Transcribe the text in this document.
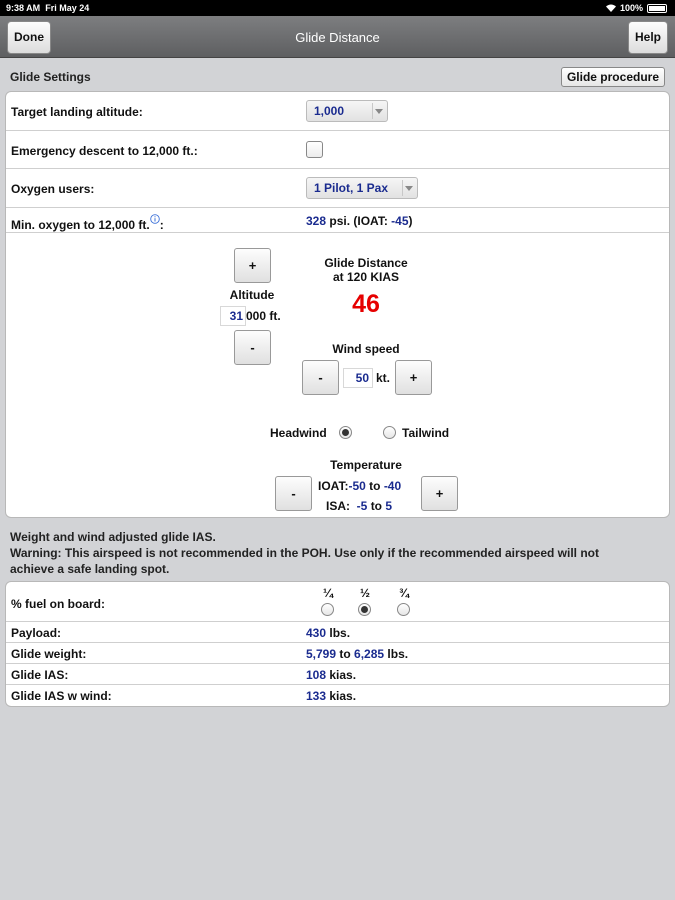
9:38 AM Fri May 24	100%
Done	Glide Distance	Help
Glide Settings	Glide procedure
Target landing altitude:	1,000
Emergency descent to 12,000 ft.:
Oxygen users:	1 Pilot, 1 Pax
Min. oxygen to 12,000 ft. :	328 psi. (IOAT: -45)
+
Altitude
31 000 ft.
-
Glide Distance
at 120 KIAS
46
Wind speed
-	50 kt.	+
Headwind	Tailwind
Temperature
-	IOAT:-50 to -40
ISA: -5 to 5
+
Weight and wind adjusted glide IAS.
Warning: This airspeed is not recommended in the POH. Use only if the recommended airspeed will not
achieve a safe landing spot.
% fuel on board:
¼ ½ ¾
Payload:	430 lbs.
Glide weight:	5,799 to 6,285 lbs.
Glide IAS:	108 kias.
Glide IAS w wind:	133 kias.
